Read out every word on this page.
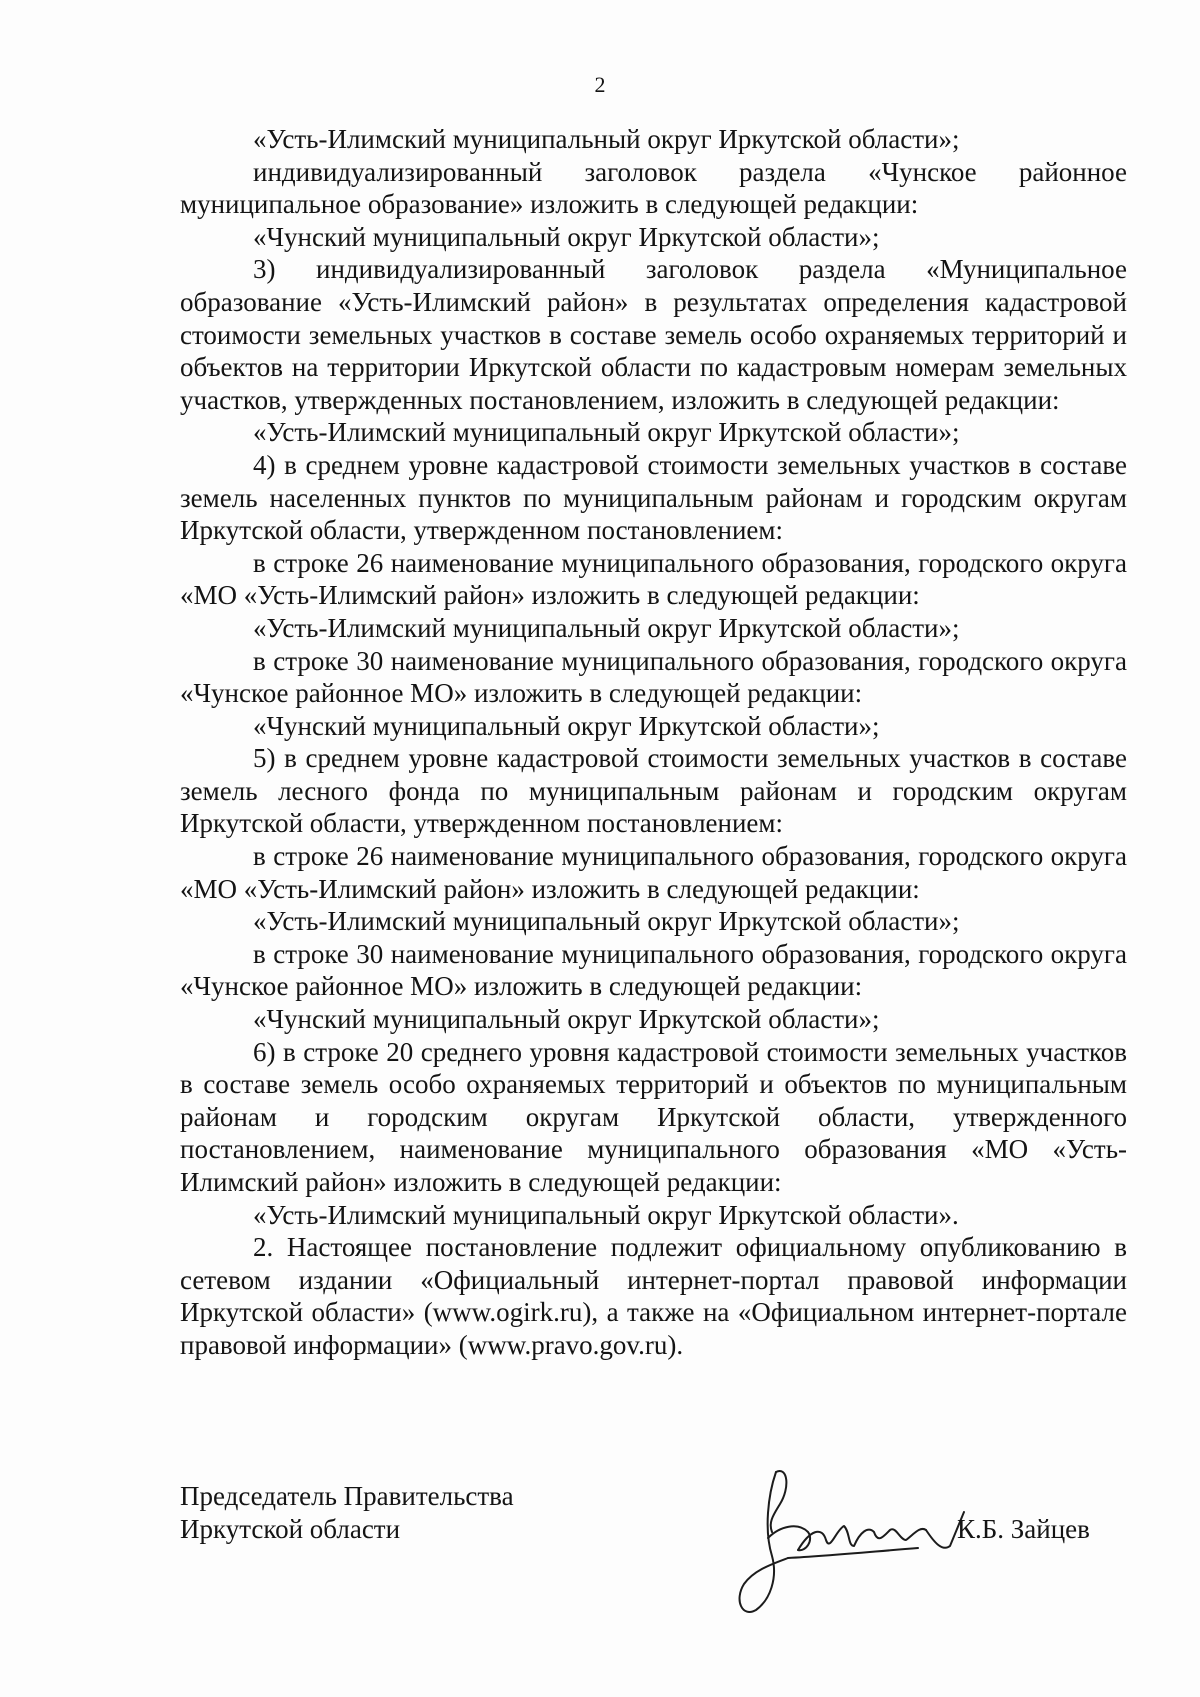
2

«Усть-Илимский муниципальный округ Иркутской области»;

индивидуализированный заголовок раздела «Чунское районное муниципальное образование» изложить в следующей редакции:

«Чунский муниципальный округ Иркутской области»;

3) индивидуализированный заголовок раздела «Муниципальное образование «Усть-Илимский район» в результатах определения кадастровой стоимости земельных участков в составе земель особо охраняемых территорий и объектов на территории Иркутской области по кадастровым номерам земельных участков, утвержденных постановлением, изложить в следующей редакции:

«Усть-Илимский муниципальный округ Иркутской области»;

4) в среднем уровне кадастровой стоимости земельных участков в составе земель населенных пунктов по муниципальным районам и городским округам Иркутской области, утвержденном постановлением:

в строке 26 наименование муниципального образования, городского округа «МО «Усть-Илимский район» изложить в следующей редакции:

«Усть-Илимский муниципальный округ Иркутской области»;

в строке 30 наименование муниципального образования, городского округа «Чунское районное МО» изложить в следующей редакции:

«Чунский муниципальный округ Иркутской области»;

5) в среднем уровне кадастровой стоимости земельных участков в составе земель лесного фонда по муниципальным районам и городским округам Иркутской области, утвержденном постановлением:

в строке 26 наименование муниципального образования, городского округа «МО «Усть-Илимский район» изложить в следующей редакции:

«Усть-Илимский муниципальный округ Иркутской области»;

в строке 30 наименование муниципального образования, городского округа «Чунское районное МО» изложить в следующей редакции:

«Чунский муниципальный округ Иркутской области»;

6) в строке 20 среднего уровня кадастровой стоимости земельных участков в составе земель особо охраняемых территорий и объектов по муниципальным районам и городским округам Иркутской области, утвержденного постановлением, наименование муниципального образования «МО «Усть-Илимский район» изложить в следующей редакции:

«Усть-Илимский муниципальный округ Иркутской области».

2. Настоящее постановление подлежит официальному опубликованию в сетевом издании «Официальный интернет-портал правовой информации Иркутской области» (www.ogirk.ru), а также на «Официальном интернет-портале правовой информации» (www.pravo.gov.ru).

Председатель Правительства
Иркутской области	К.Б. Зайцев
